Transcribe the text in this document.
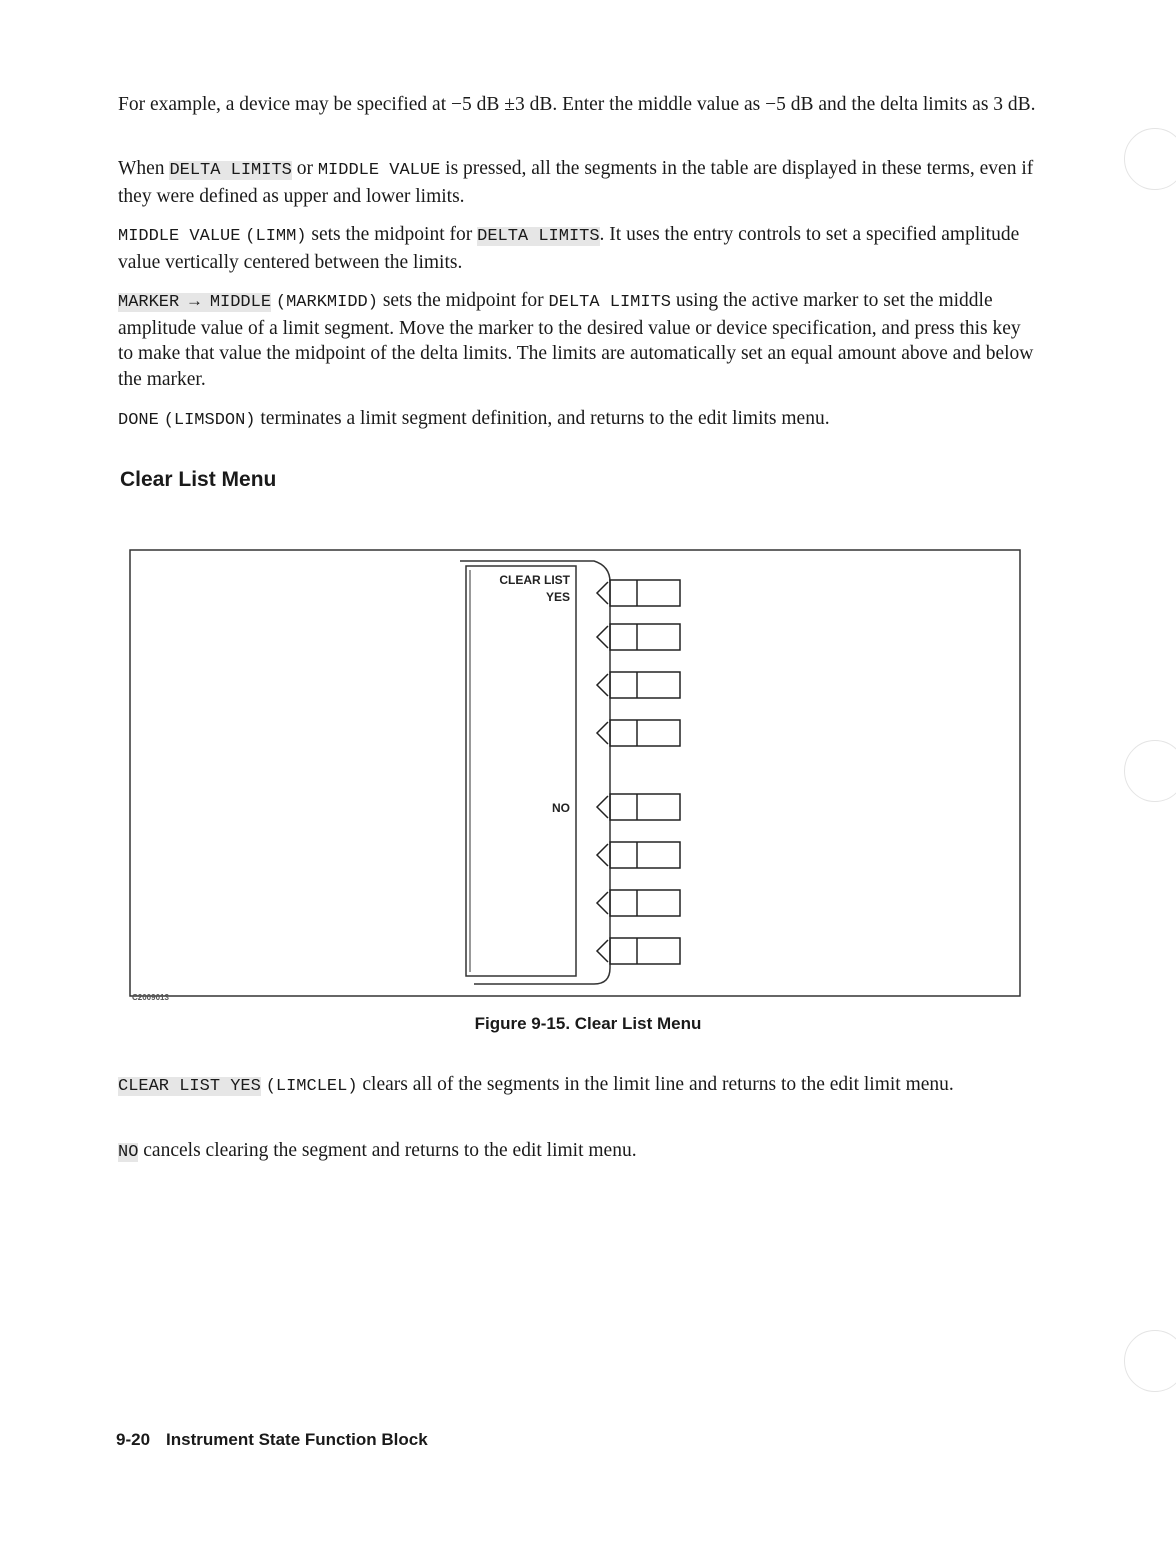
For example, a device may be specified at −5 dB ±3 dB. Enter the middle value as −5 dB and the delta limits as 3 dB.

When DELTA LIMITS or MIDDLE VALUE is pressed, all the segments in the table are displayed in these terms, even if they were defined as upper and lower limits.

MIDDLE VALUE (LIMM) sets the midpoint for DELTA LIMITS. It uses the entry controls to set a specified amplitude value vertically centered between the limits.

MARKER → MIDDLE (MARKMIDD) sets the midpoint for DELTA LIMITS using the active marker to set the middle amplitude value of a limit segment. Move the marker to the desired value or device specification, and press this key to make that value the midpoint of the delta limits. The limits are automatically set an equal amount above and below the marker.

DONE (LIMSDON) terminates a limit segment definition, and returns to the edit limits menu.

Clear List Menu
CLEAR LIST
YES
NO
C2009013

Figure 9-15. Clear List Menu

CLEAR LIST YES (LIMCLEL) clears all of the segments in the limit line and returns to the edit limit menu.

NO cancels clearing the segment and returns to the edit limit menu.

9-20 Instrument State Function Block
